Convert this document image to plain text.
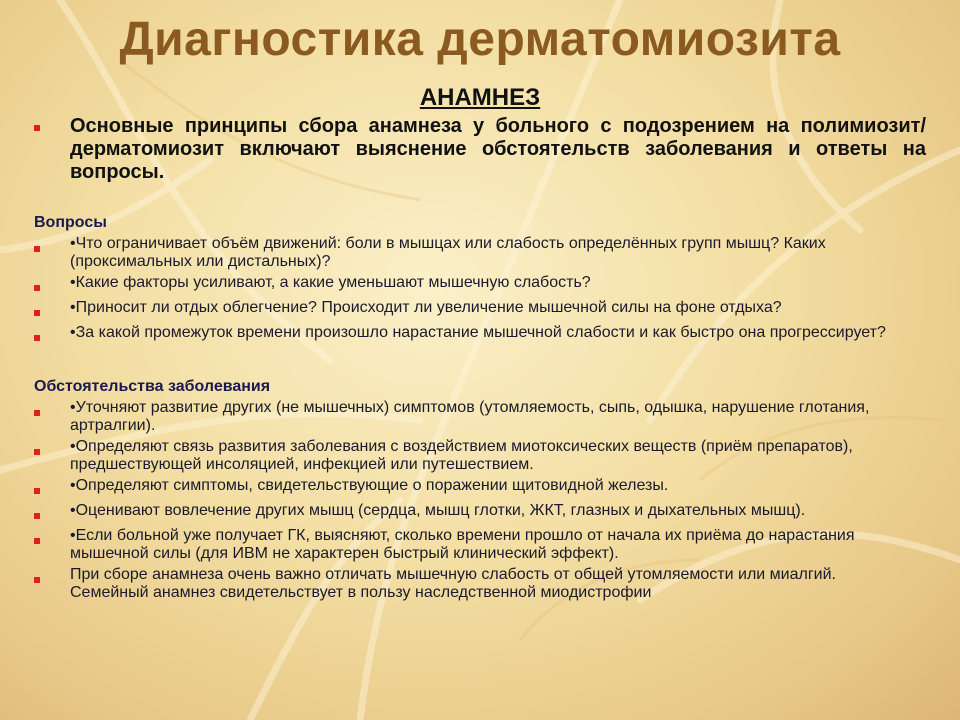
Диагностика дерматомиозита
АНАМНЕЗ
Основные принципы сбора анамнеза у больного с подозрением на полимиозит/дерматомиозит включают выяснение обстоятельств заболевания и ответы на вопросы.
Вопросы
•Что ограничивает объём движений: боли в мышцах или слабость определённых групп мышц? Каких (проксимальных или дистальных)?
•Какие факторы усиливают, а какие уменьшают мышечную слабость?
•Приносит ли отдых облегчение? Происходит ли увеличение мышечной силы на фоне отдыха?
•За какой промежуток времени произошло нарастание мышечной слабости и как быстро она прогрессирует?
Обстоятельства заболевания
•Уточняют развитие других (не мышечных) симптомов (утомляемость, сыпь, одышка, нарушение глотания, артралгии).
•Определяют связь развития заболевания с воздействием миотоксических веществ (приём препаратов), предшествующей инсоляцией, инфекцией или путешествием.
•Определяют симптомы, свидетельствующие о поражении щитовидной железы.
•Оценивают вовлечение других мышц (сердца, мышц глотки, ЖКТ, глазных и дыхательных мышц).
•Если больной уже получает ГК, выясняют, сколько времени прошло от начала их приёма до нарастания мышечной силы (для ИВМ не характерен быстрый клинический эффект).
При сборе анамнеза очень важно отличать мышечную слабость от общей утомляемости или миалгий. Семейный анамнез свидетельствует в пользу наследственной миодистрофии
